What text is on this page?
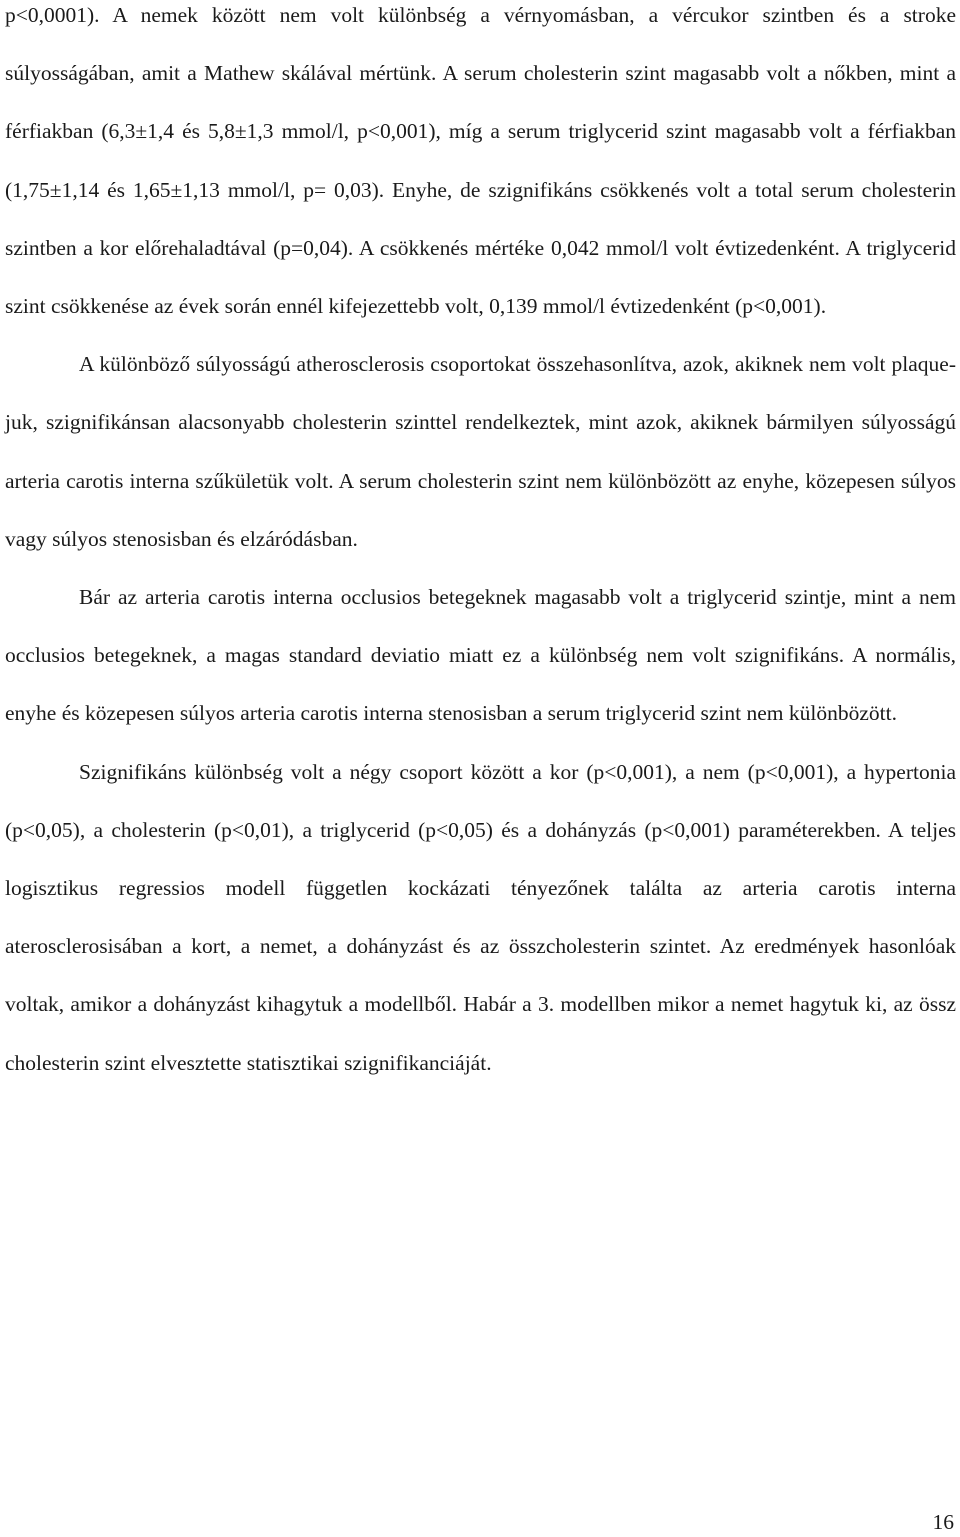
p<0,0001). A nemek között nem volt különbség a vérnyomásban, a vércukor szintben és a stroke súlyosságában, amit a Mathew skálával mértünk. A serum cholesterin szint magasabb volt a nőkben, mint a férfiakban (6,3±1,4 és 5,8±1,3 mmol/l, p<0,001), míg a serum triglycerid szint magasabb volt a férfiakban (1,75±1,14 és 1,65±1,13 mmol/l, p= 0,03). Enyhe, de szignifikáns csökkenés volt a total serum cholesterin szintben a kor előrehaladtával (p=0,04). A csökkenés mértéke 0,042 mmol/l volt évtizedenként. A triglycerid szint csökkenése az évek során ennél kifejezettebb volt, 0,139 mmol/l évtizedenként (p<0,001).

A különböző súlyosságú atherosclerosis csoportokat összehasonlítva, azok, akiknek nem volt plaque-juk, szignifikánsan alacsonyabb cholesterin szinttel rendelkeztek, mint azok, akiknek bármilyen súlyosságú arteria carotis interna szűkületük volt. A serum cholesterin szint nem különbözött az enyhe, közepesen súlyos vagy súlyos stenosisban és elzáródásban.

Bár az arteria carotis interna occlusios betegeknek magasabb volt a triglycerid szintje, mint a nem occlusios betegeknek, a magas standard deviatio miatt ez a különbség nem volt szignifikáns. A normális, enyhe és közepesen súlyos arteria carotis interna stenosisban a serum triglycerid szint nem különbözött.

Szignifikáns különbség volt a négy csoport között a kor (p<0,001), a nem (p<0,001), a hypertonia (p<0,05), a cholesterin (p<0,01), a triglycerid (p<0,05) és a dohányzás (p<0,001) paraméterekben. A teljes logisztikus regressios modell független kockázati tényezőnek találta az arteria carotis interna aterosclerosisában a kort, a nemet, a dohányzást és az összcholesterin szintet. Az eredmények hasonlóak voltak, amikor a dohányzást kihagytuk a modellből. Habár a 3. modellben mikor a nemet hagytuk ki, az össz cholesterin szint elvesztette statisztikai szignifikanciáját.

16
